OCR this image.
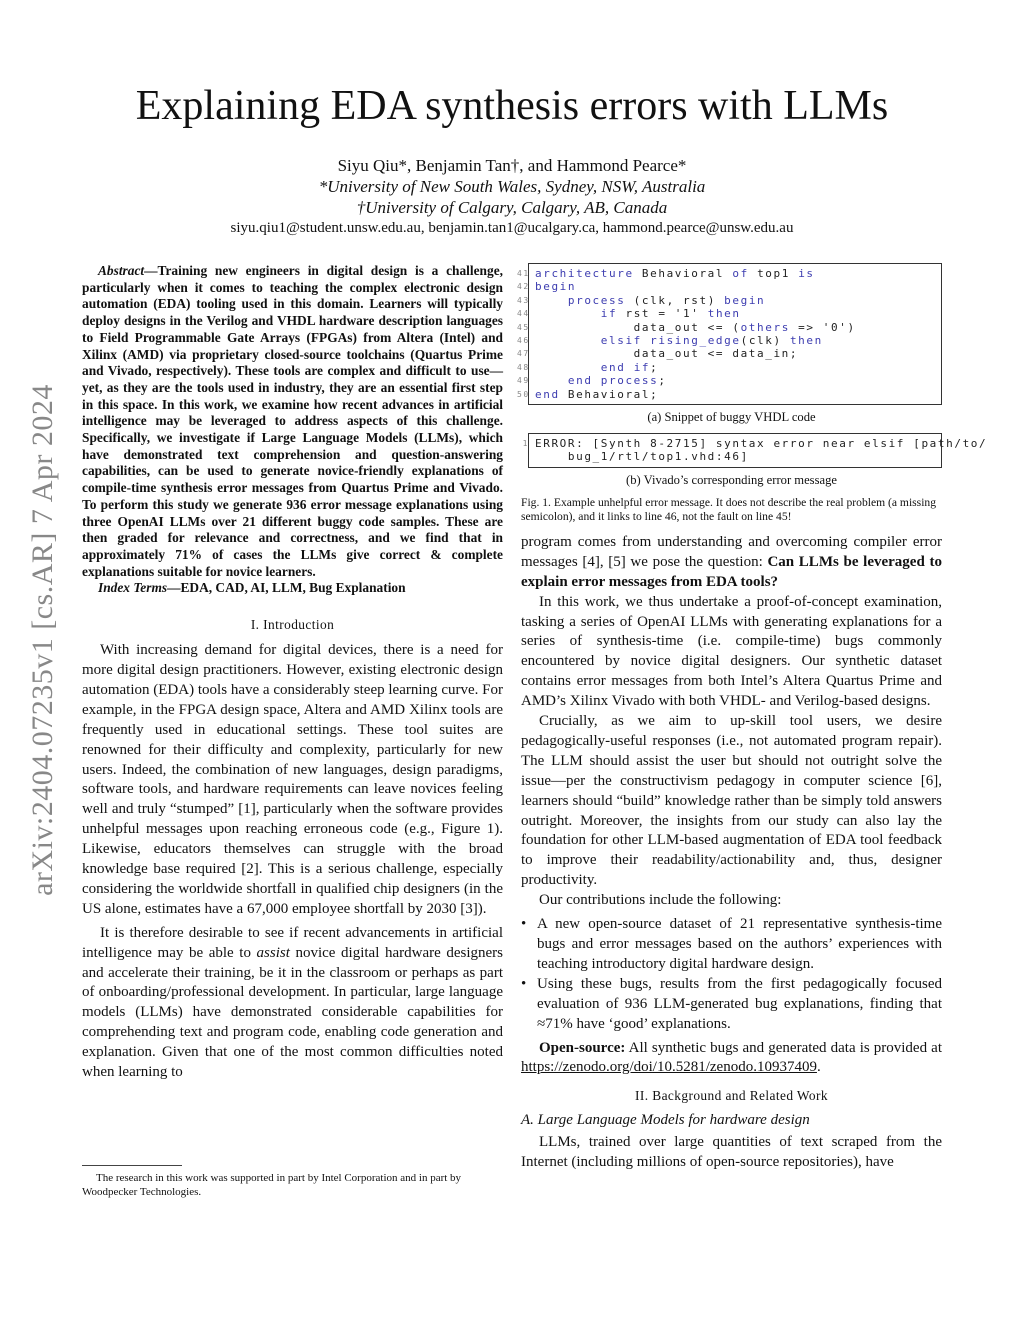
arXiv:2404.07235v1 [cs.AR] 7 Apr 2024
Explaining EDA synthesis errors with LLMs
Siyu Qiu*, Benjamin Tan†, and Hammond Pearce*
*University of New South Wales, Sydney, NSW, Australia
†University of Calgary, Calgary, AB, Canada
siyu.qiu1@student.unsw.edu.au, benjamin.tan1@ucalgary.ca, hammond.pearce@unsw.edu.au

Abstract—Training new engineers in digital design is a challenge, particularly when it comes to teaching the complex electronic design automation (EDA) tooling used in this domain. Learners will typically deploy designs in the Verilog and VHDL hardware description languages to Field Programmable Gate Arrays (FPGAs) from Altera (Intel) and Xilinx (AMD) via proprietary closed-source toolchains (Quartus Prime and Vivado, respectively). These tools are complex and difficult to use—yet, as they are the tools used in industry, they are an essential first step in this space. In this work, we examine how recent advances in artificial intelligence may be leveraged to address aspects of this challenge. Specifically, we investigate if Large Language Models (LLMs), which have demonstrated text comprehension and question-answering capabilities, can be used to generate novice-friendly explanations of compile-time synthesis error messages from Quartus Prime and Vivado. To perform this study we generate 936 error message explanations using three OpenAI LLMs over 21 different buggy code samples. These are then graded for relevance and correctness, and we find that in approximately 71% of cases the LLMs give correct & complete explanations suitable for novice learners.

Index Terms—EDA, CAD, AI, LLM, Bug Explanation

I. Introduction

With increasing demand for digital devices, there is a need for more digital design practitioners. However, existing electronic design automation (EDA) tools have a considerably steep learning curve. For example, in the FPGA design space, Altera and AMD Xilinx tools are frequently used in educational settings. These tool suites are renowned for their difficulty and complexity, particularly for new users. Indeed, the combination of new languages, design paradigms, software tools, and hardware requirements can leave novices feeling well and truly “stumped” [1], particularly when the software provides unhelpful messages upon reaching erroneous code (e.g., Figure 1). Likewise, educators themselves can struggle with the broad knowledge base required [2]. This is a serious challenge, especially considering the worldwide shortfall in qualified chip designers (in the US alone, estimates have a 67,000 employee shortfall by 2030 [3]).

It is therefore desirable to see if recent advancements in artificial intelligence may be able to assist novice digital hardware designers and accelerate their training, be it in the classroom or perhaps as part of onboarding/professional development. In particular, large language models (LLMs) have demonstrated considerable capabilities for comprehending text and program code, enabling code generation and explanation. Given that one of the most common difficulties noted when learning to

The research in this work was supported in part by Intel Corporation and in part by Woodpecker Technologies.
41 architecture Behavioral of top1 is
42 begin
43	process (clk, rst) begin
44	if rst = '1' then
45	data_out <= (others => '0')
46	elsif rising_edge(clk) then
47	data_out <= data_in;
48	end if;
49	end process;
50 end Behavioral;
(a) Snippet of buggy VHDL code
1 ERROR: [Synth 8-2715] syntax error near elsif [path/to/
bug_1/rtl/top1.vhd:46]
(b) Vivado’s corresponding error message
Fig. 1. Example unhelpful error message. It does not describe the real problem (a missing semicolon), and it links to line 46, not the fault on line 45!

program comes from understanding and overcoming compiler error messages [4], [5] we pose the question: Can LLMs be leveraged to explain error messages from EDA tools?

In this work, we thus undertake a proof-of-concept examination, tasking a series of OpenAI LLMs with generating explanations for a series of synthesis-time (i.e. compile-time) bugs commonly encountered by novice digital designers. Our synthetic dataset contains error messages from both Intel’s Altera Quartus Prime and AMD’s Xilinx Vivado with both VHDL- and Verilog-based designs.

Crucially, as we aim to up-skill tool users, we desire pedagogically-useful responses (i.e., not automated program repair). The LLM should assist the user but should not outright solve the issue—per the constructivism pedagogy in computer science [6], learners should “build” knowledge rather than be simply told answers outright. Moreover, the insights from our study can also lay the foundation for other LLM-based augmentation of EDA tool feedback to improve their readability/actionability and, thus, designer productivity.

Our contributions include the following:

• A new open-source dataset of 21 representative synthesis-time bugs and error messages based on the authors’ experiences with teaching introductory digital hardware design.
• Using these bugs, results from the first pedagogically focused evaluation of 936 LLM-generated bug explanations, finding that ≈71% have ‘good’ explanations.

Open-source: All synthetic bugs and generated data is provided at https://zenodo.org/doi/10.5281/zenodo.10937409.

II. Background and Related Work
A. Large Language Models for hardware design

LLMs, trained over large quantities of text scraped from the Internet (including millions of open-source repositories), have
